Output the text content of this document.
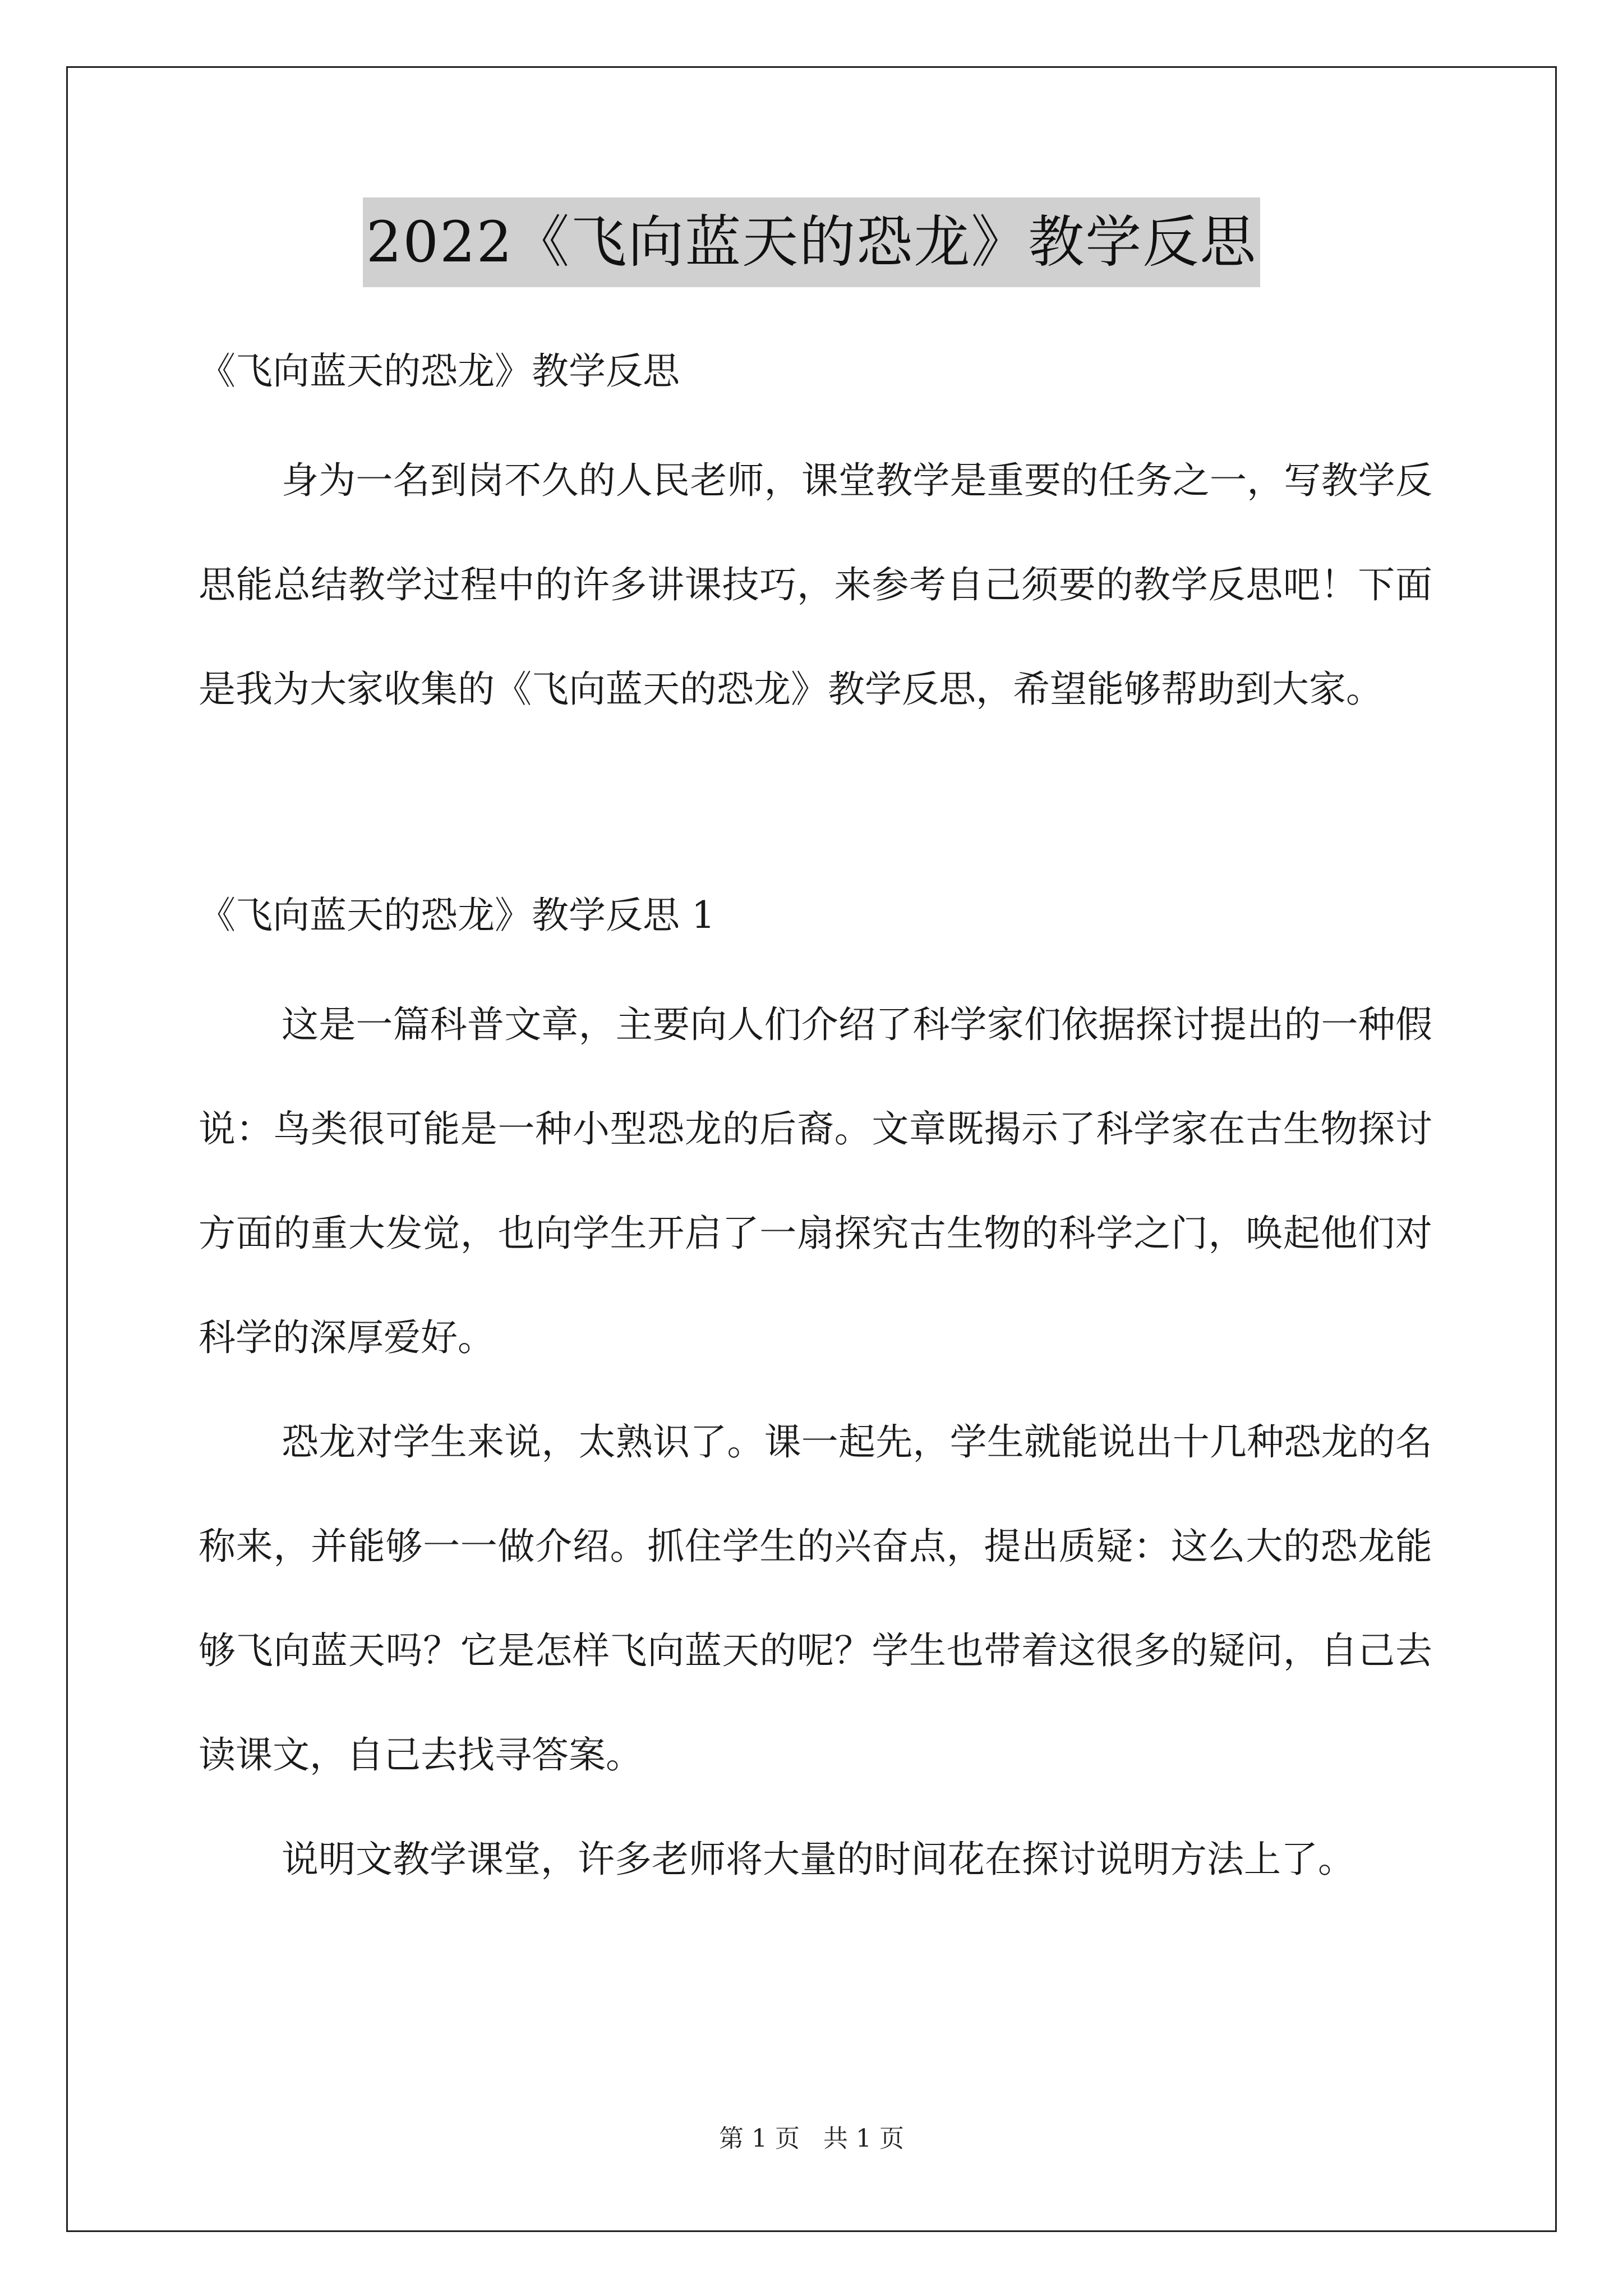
2022《飞向蓝天的恐龙》教学反思

《飞向蓝天的恐龙》教学反思

身为一名到岗不久的人民老师，课堂教学是重要的任务之一，写教学反思能总结教学过程中的许多讲课技巧，来参考自己须要的教学反思吧！下面是我为大家收集的《飞向蓝天的恐龙》教学反思，希望能够帮助到大家。

《飞向蓝天的恐龙》教学反思 1

这是一篇科普文章，主要向人们介绍了科学家们依据探讨提出的一种假说：鸟类很可能是一种小型恐龙的后裔。文章既揭示了科学家在古生物探讨方面的重大发觉，也向学生开启了一扇探究古生物的科学之门，唤起他们对科学的深厚爱好。

恐龙对学生来说，太熟识了。课一起先，学生就能说出十几种恐龙的名称来，并能够一一做介绍。抓住学生的兴奋点，提出质疑：这么大的恐龙能够飞向蓝天吗？它是怎样飞向蓝天的呢？学生也带着这很多的疑问，自己去读课文，自己去找寻答案。

说明文教学课堂，许多老师将大量的时间花在探讨说明方法上了。

第 1 页   共 1 页
